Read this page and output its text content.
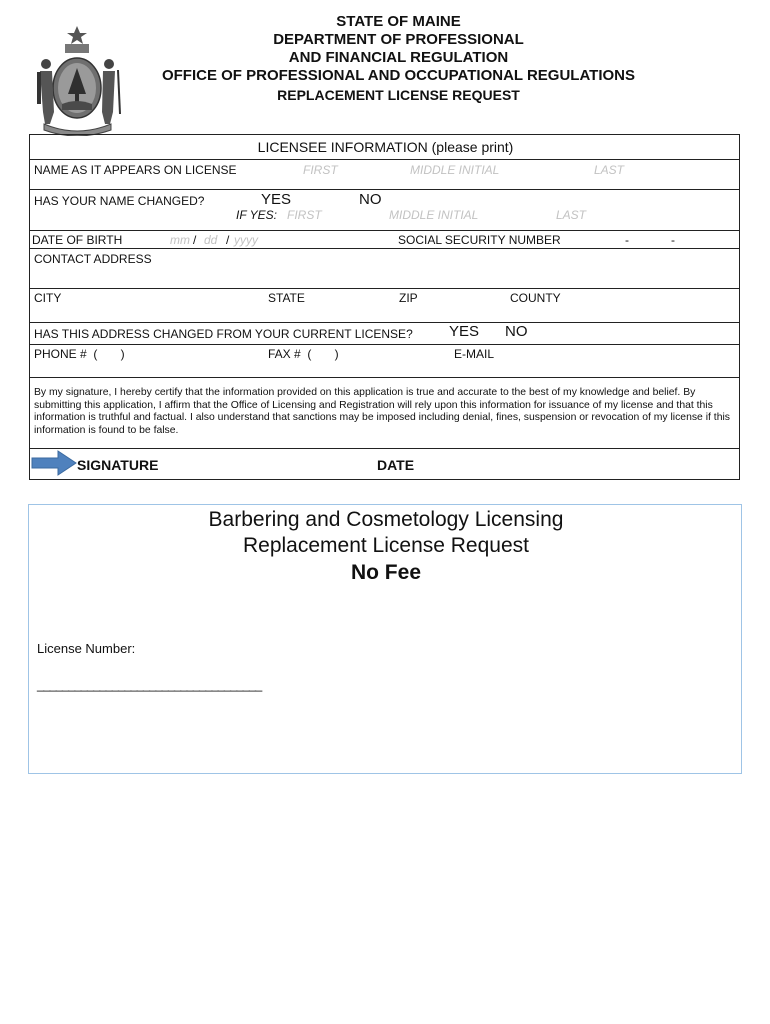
STATE OF MAINE
DEPARTMENT OF PROFESSIONAL
AND FINANCIAL REGULATION
OFFICE OF PROFESSIONAL AND OCCUPATIONAL REGULATIONS
REPLACEMENT LICENSE REQUEST
LICENSEE INFORMATION (please print)
NAME AS IT APPEARS ON LICENSE	FIRST	MIDDLE INITIAL	LAST
HAS YOUR NAME CHANGED?	YES	NO
IF YES: FIRST	MIDDLE INITIAL	LAST
DATE OF BIRTH	mm / dd / yyyy	SOCIAL SECURITY NUMBER	-	-
CONTACT ADDRESS
CITY	STATE	ZIP	COUNTY
HAS THIS ADDRESS CHANGED FROM YOUR CURRENT LICENSE? YES NO
PHONE #  (       )	FAX #  (       )	E-MAIL
By my signature, I hereby certify that the information provided on this application is true and accurate to the best of my knowledge and belief. By submitting this application, I affirm that the Office of Licensing and Registration will rely upon this information for issuance of my license and that this information is truthful and factual. I also understand that sanctions may be imposed including denial, fines, suspension or revocation of my license if this information is found to be false.
SIGNATURE	DATE
Barbering and Cosmetology Licensing
Replacement License Request
No Fee
License Number:
____________________________________
